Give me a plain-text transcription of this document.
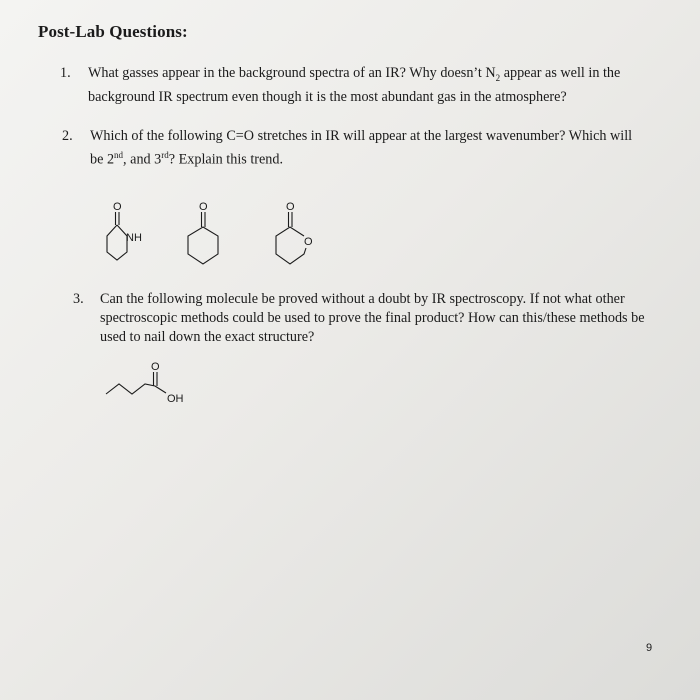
Post-Lab Questions:
1. What gasses appear in the background spectra of an IR? Why doesn’t $N_2$ appear as well in the
background IR spectrum even though it is the most abundant gas in the atmosphere?
2. Which of the following C=O stretches in IR will appear at the largest wavenumber? Which will
be 2nd, and 3rd? Explain this trend.
O
NH
O	O
O
3. Can the following molecule be proved without a doubt by IR spectroscopy. If not what other
spectroscopic methods could be used to prove the final product? How can this/these methods be
used to nail down the exact structure?
O
OH
9
